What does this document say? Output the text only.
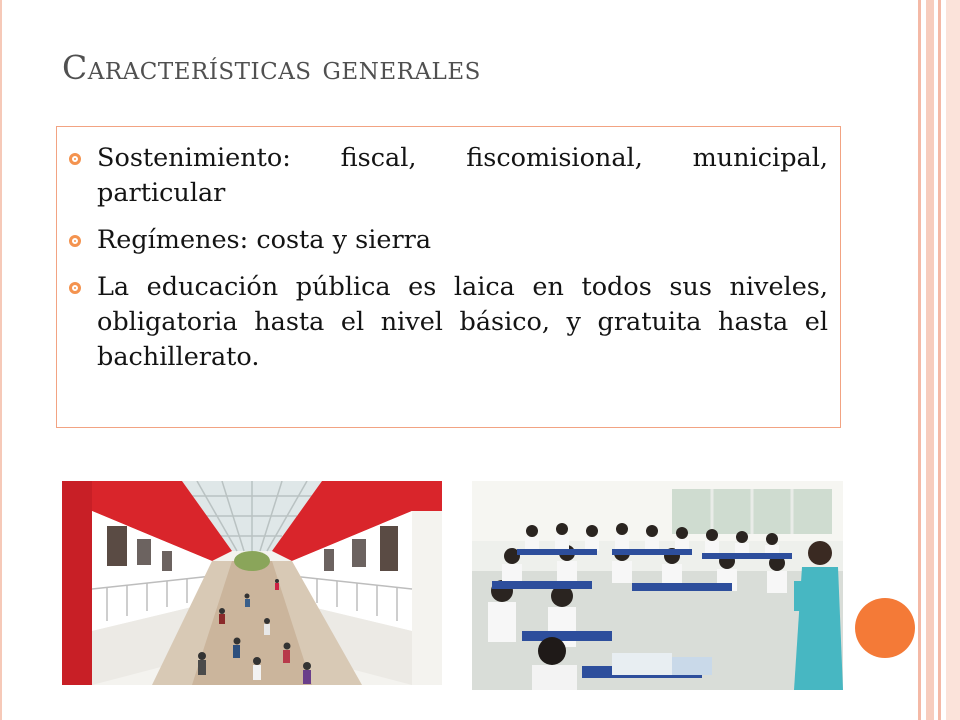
Características generales
Sostenimiento: fiscal, fiscomisional, municipal, particular
Regímenes: costa y sierra
La educación pública es laica en todos sus niveles, obligatoria hasta el nivel básico, y gratuita hasta el bachillerato.
